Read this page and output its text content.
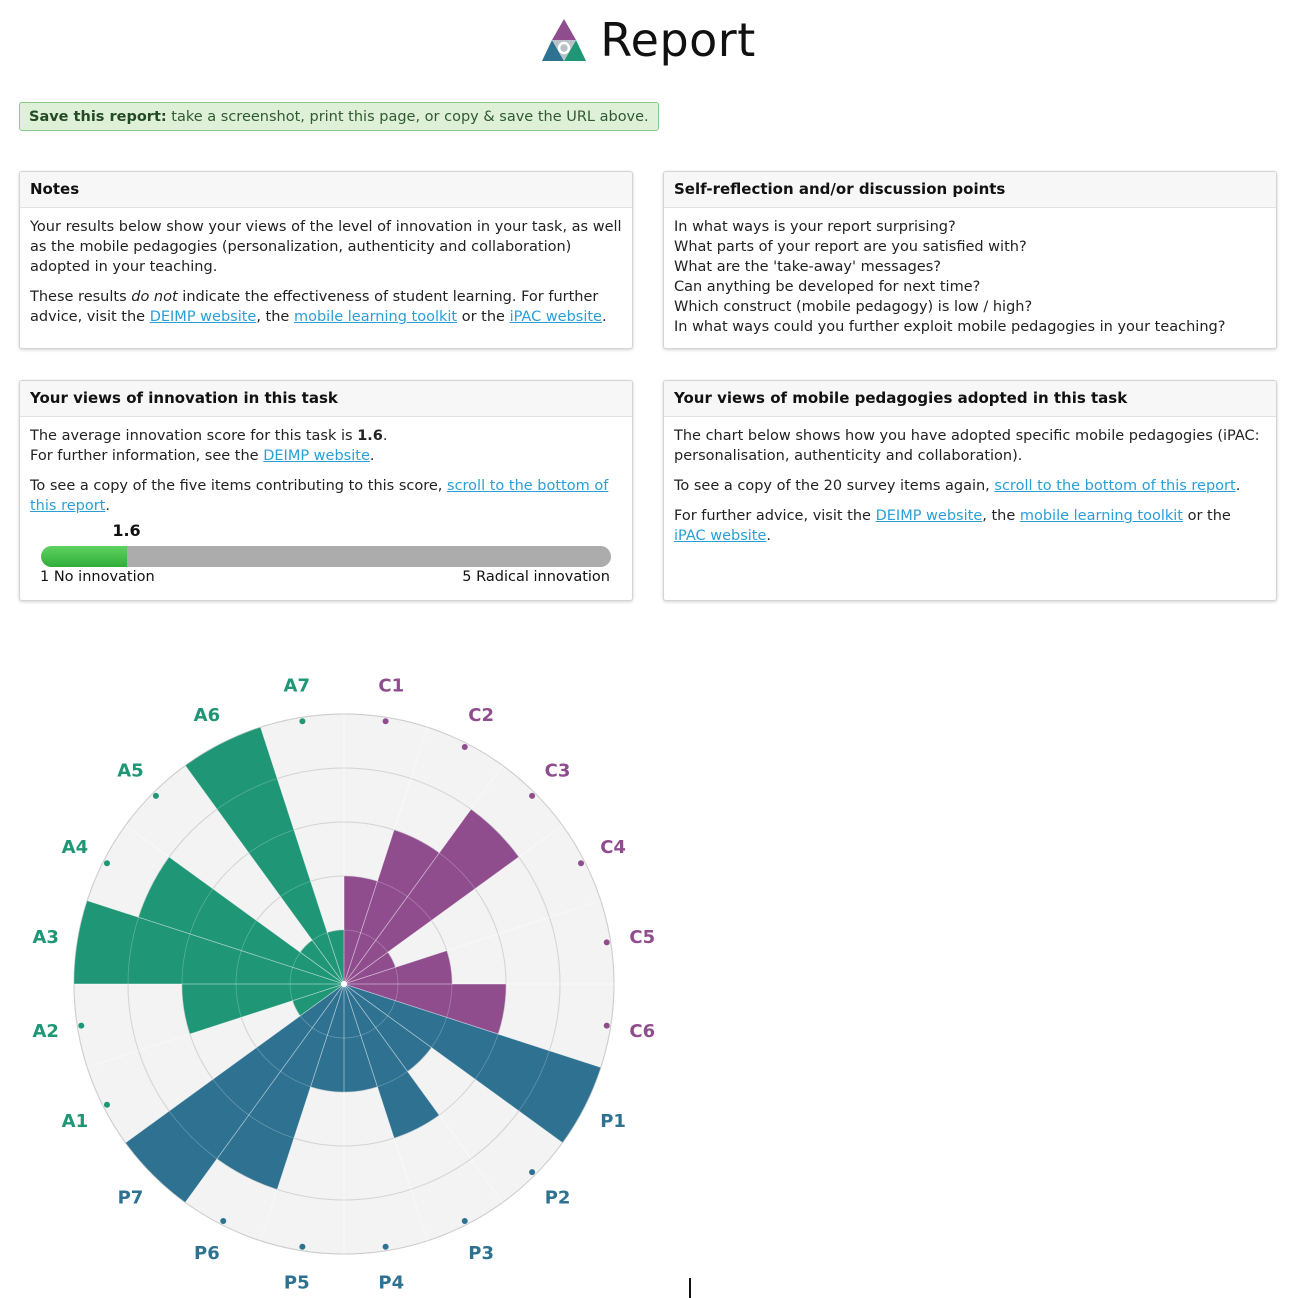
Report
Save this report: take a screenshot, print this page, or copy & save the URL above.
Notes

Your results below show your views of the level of innovation in your task, as well as the mobile pedagogies (personalization, authenticity and collaboration) adopted in your teaching.

These results do not indicate the effectiveness of student learning. For further advice, visit the DEIMP website, the mobile learning toolkit or the iPAC website.

Self-reflection and/or discussion points
In what ways is your report surprising?
What parts of your report are you satisfied with?
What are the 'take-away' messages?
Can anything be developed for next time?
Which construct (mobile pedagogy) is low / high?
In what ways could you further exploit mobile pedagogies in your teaching?
Your views of innovation in this task

The average innovation score for this task is 1.6.
For further information, see the DEIMP website.

To see a copy of the five items contributing to this score, scroll to the bottom of this report.

1.6
1 No innovation	5 Radical innovation
Your views of mobile pedagogies adopted in this task

The chart below shows how you have adopted specific mobile pedagogies (iPAC: personalisation, authenticity and collaboration).

To see a copy of the 20 survey items again, scroll to the bottom of this report.

For further advice, visit the DEIMP website, the mobile learning toolkit or the iPAC website.

C1
C2
C3
C4
C5
C6
P1
P2
P3
P4
P5
P6
P7
A1
A2
A3
A4
A5
A6
A7
